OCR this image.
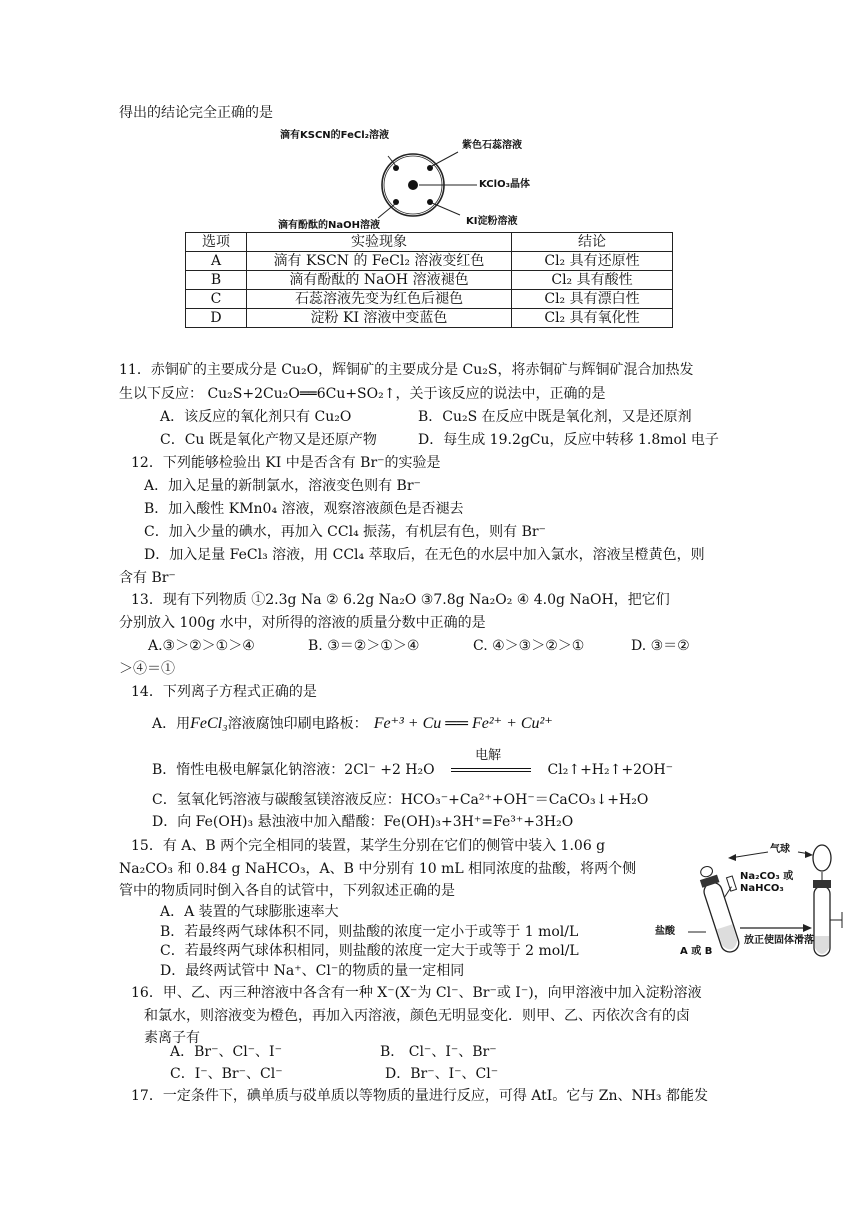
得出的结论完全正确的是
滴有KSCN的FeCl₂溶液
紫色石蕊溶液
KClO₃晶体
KI淀粉溶液
滴有酚酞的NaOH溶液
选项	实验现象	结论
A	滴有 KSCN 的 FeCl₂ 溶液变红色	Cl₂ 具有还原性
B	滴有酚酞的 NaOH 溶液褪色	Cl₂ 具有酸性
C	石蕊溶液先变为红色后褪色	Cl₂ 具有漂白性
D	淀粉 KI 溶液中变蓝色	Cl₂ 具有氧化性
11．赤铜矿的主要成分是 Cu₂O，辉铜矿的主要成分是 Cu₂S，将赤铜矿与辉铜矿混合加热发
生以下反应： Cu₂S+2Cu₂O══6Cu+SO₂↑，关于该反应的说法中，正确的是
A．该反应的氧化剂只有 Cu₂O	B．Cu₂S 在反应中既是氧化剂，又是还原剂
C．Cu 既是氧化产物又是还原产物	D．每生成 19.2gCu，反应中转移 1.8mol 电子
12．下列能够检验出 KI 中是否含有 Br⁻的实验是
A．加入足量的新制氯水，溶液变色则有 Br⁻
B．加入酸性 KMn0₄ 溶液，观察溶液颜色是否褪去
C．加入少量的碘水，再加入 CCl₄ 振荡，有机层有色，则有 Br⁻
D．加入足量 FeCl₃ 溶液，用 CCl₄ 萃取后，在无色的水层中加入氯水，溶液呈橙黄色，则
含有 Br⁻
13．现有下列物质 ①2.3g Na ② 6.2g Na₂O ③7.8g Na₂O₂ ④ 4.0g NaOH，把它们
分别放入 100g 水中，对所得的溶液的质量分数中正确的是
A.③＞②＞①＞④	B. ③＝②＞①＞④	C. ④＞③＞②＞①	D. ③＝②
＞④＝①
14．下列离子方程式正确的是
A．用FeCl₃溶液腐蚀印刷电路板： Fe⁺³ + Cu ══ Fe²⁺ + Cu²⁺
B．惰性电极电解氯化钠溶液：2Cl⁻ +2 H₂O
电解
Cl₂↑+H₂↑+2OH⁻
C．氢氧化钙溶液与碳酸氢镁溶液反应：HCO₃⁻+Ca²⁺+OH⁻＝CaCO₃↓+H₂O
D．向 Fe(OH)₃ 悬浊液中加入醋酸：Fe(OH)₃+3H⁺=Fe³⁺+3H₂O
15．有 A、B 两个完全相同的装置，某学生分别在它们的侧管中装入 1.06 g
Na₂CO₃ 和 0.84 g NaHCO₃，A、B 中分别有 10 mL 相同浓度的盐酸，将两个侧
管中的物质同时倒入各自的试管中，下列叙述正确的是
A．A 装置的气球膨胀速率大
B．若最终两气球体积不同，则盐酸的浓度一定小于或等于 1 mol/L
C．若最终两气球体积相同，则盐酸的浓度一定大于或等于 2 mol/L
D．最终两试管中 Na⁺、Cl⁻的物质的量一定相同
气球
Na₂CO₃ 或
NaHCO₃
盐酸
A 或 B
放正使固体滑落
16．甲、乙、丙三种溶液中各含有一种 X⁻(X⁻为 Cl⁻、Br⁻或 I⁻)，向甲溶液中加入淀粉溶液
和氯水，则溶液变为橙色，再加入丙溶液，颜色无明显变化．则甲、乙、丙依次含有的卤
素离子有
A．Br⁻、Cl⁻、I⁻	B． Cl⁻、I⁻、Br⁻
C．I⁻、Br⁻、Cl⁻	D．Br⁻、I⁻、Cl⁻
17．一定条件下，碘单质与砹单质以等物质的量进行反应，可得 AtI。它与 Zn、NH₃ 都能发
